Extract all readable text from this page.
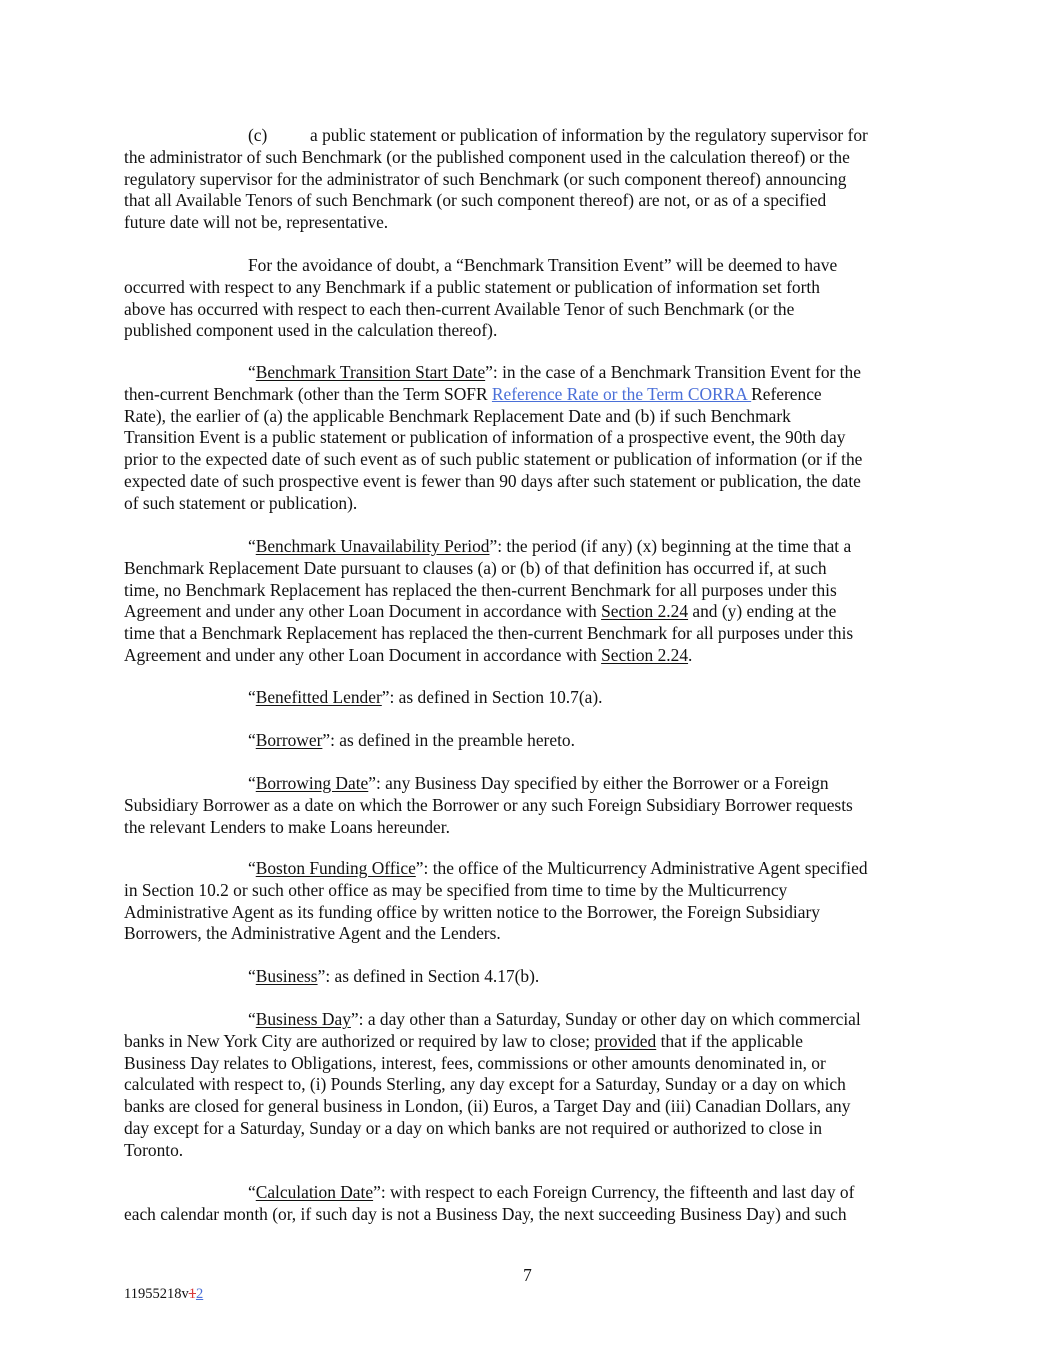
(c) a public statement or publication of information by the regulatory supervisor for
the administrator of such Benchmark (or the published component used in the calculation thereof) or the
regulatory supervisor for the administrator of such Benchmark (or such component thereof) announcing
that all Available Tenors of such Benchmark (or such component thereof) are not, or as of a specified
future date will not be, representative.
For the avoidance of doubt, a “Benchmark Transition Event” will be deemed to have
occurred with respect to any Benchmark if a public statement or publication of information set forth
above has occurred with respect to each then-current Available Tenor of such Benchmark (or the
published component used in the calculation thereof).
“Benchmark Transition Start Date”: in the case of a Benchmark Transition Event for the
then-current Benchmark (other than the Term SOFR Reference Rate or the Term CORRA Reference
Rate), the earlier of (a) the applicable Benchmark Replacement Date and (b) if such Benchmark
Transition Event is a public statement or publication of information of a prospective event, the 90th day
prior to the expected date of such event as of such public statement or publication of information (or if the
expected date of such prospective event is fewer than 90 days after such statement or publication, the date
of such statement or publication).
“Benchmark Unavailability Period”: the period (if any) (x) beginning at the time that a
Benchmark Replacement Date pursuant to clauses (a) or (b) of that definition has occurred if, at such
time, no Benchmark Replacement has replaced the then-current Benchmark for all purposes under this
Agreement and under any other Loan Document in accordance with Section 2.24 and (y) ending at the
time that a Benchmark Replacement has replaced the then-current Benchmark for all purposes under this
Agreement and under any other Loan Document in accordance with Section 2.24.
“Benefitted Lender”: as defined in Section 10.7(a).
“Borrower”: as defined in the preamble hereto.
“Borrowing Date”: any Business Day specified by either the Borrower or a Foreign
Subsidiary Borrower as a date on which the Borrower or any such Foreign Subsidiary Borrower requests
the relevant Lenders to make Loans hereunder.
“Boston Funding Office”: the office of the Multicurrency Administrative Agent specified
in Section 10.2 or such other office as may be specified from time to time by the Multicurrency
Administrative Agent as its funding office by written notice to the Borrower, the Foreign Subsidiary
Borrowers, the Administrative Agent and the Lenders.
“Business”: as defined in Section 4.17(b).
“Business Day”: a day other than a Saturday, Sunday or other day on which commercial
banks in New York City are authorized or required by law to close; provided that if the applicable
Business Day relates to Obligations, interest, fees, commissions or other amounts denominated in, or
calculated with respect to, (i) Pounds Sterling, any day except for a Saturday, Sunday or a day on which
banks are closed for general business in London, (ii) Euros, a Target Day and (iii) Canadian Dollars, any
day except for a Saturday, Sunday or a day on which banks are not required or authorized to close in
Toronto.
“Calculation Date”: with respect to each Foreign Currency, the fifteenth and last day of
each calendar month (or, if such day is not a Business Day, the next succeeding Business Day) and such
7
11955218v12
